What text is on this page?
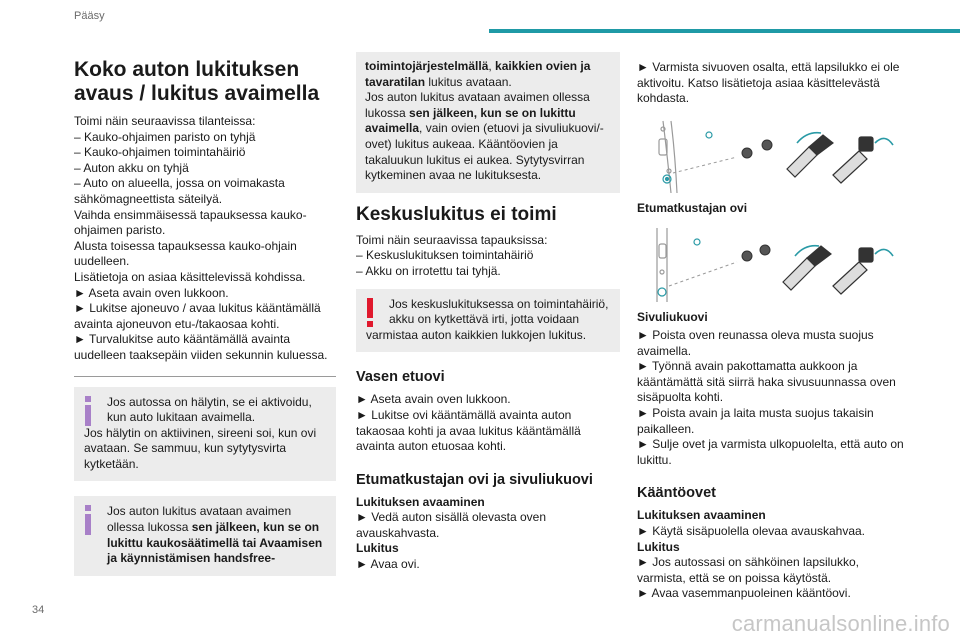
Pääsy
Koko auton lukituksen avaus / lukitus avaimella

Toimi näin seuraavissa tilanteissa:

– Kauko-ohjaimen paristo on tyhjä

– Kauko-ohjaimen toimintahäiriö

– Auton akku on tyhjä

– Auto on alueella, jossa on voimakasta sähkömagneettista säteilyä.

Vaihda ensimmäisessä tapauksessa kauko-ohjaimen paristo.

Alusta toisessa tapauksessa kauko-ohjain uudelleen.

Lisätietoja on asiaa käsittelevissä kohdissa.

► Aseta avain oven lukkoon.

► Lukitse ajoneuvo / avaa lukitus kääntämällä avainta ajoneuvon etu-/takaosaa kohti.

► Turvalukitse auto kääntämällä avainta uudelleen taaksepäin viiden sekunnin kuluessa.

Jos autossa on hälytin, se ei aktivoidu, kun auto lukitaan avaimella.

Jos hälytin on aktiivinen, sireeni soi, kun ovi avataan. Se sammuu, kun sytytysvirta kytketään.

Jos auton lukitus avataan avaimen ollessa lukossa sen jälkeen, kun se on lukittu kaukosäätimellä tai Avaamisen ja käynnistämisen handsfree-

toimintojärjestelmällä, kaikkien ovien ja tavaratilan lukitus avataan.

Jos auton lukitus avataan avaimen ollessa lukossa sen jälkeen, kun se on lukittu avaimella, vain ovien (etuovi ja sivuliukuovi/-ovet) lukitus aukeaa. Kääntöovien ja takaluukun lukitus ei aukea. Sytytysvirran kytkeminen avaa ne lukituksesta.

Keskuslukitus ei toimi

Toimi näin seuraavissa tapauksissa:

– Keskuslukituksen toimintahäiriö

– Akku on irrotettu tai tyhjä.

Jos keskuslukituksessa on toimintahäiriö, akku on kytkettävä irti, jotta voidaan

varmistaa auton kaikkien lukkojen lukitus.

Vasen etuovi

► Aseta avain oven lukkoon.

► Lukitse ovi kääntämällä avainta auton takaosaa kohti ja avaa lukitus kääntämällä avainta auton etuosaa kohti.

Etumatkustajan ovi ja sivuliukuovi

Lukituksen avaaminen

► Vedä auton sisällä olevasta oven avauskahvasta.

Lukitus

► Avaa ovi.

► Varmista sivuoven osalta, että lapsilukko ei ole aktivoitu. Katso lisätietoja asiaa käsittelevästä kohdasta.

Etumatkustajan ovi

Sivuliukuovi

► Poista oven reunassa oleva musta suojus avaimella.

► Työnnä avain pakottamatta aukkoon ja kääntämättä sitä siirrä haka sivusuunnassa oven sisäpuolta kohti.

► Poista avain ja laita musta suojus takaisin paikalleen.

► Sulje ovet ja varmista ulkopuolelta, että auto on lukittu.

Kääntöovet

Lukituksen avaaminen

► Käytä sisäpuolella olevaa avauskahvaa.

Lukitus

► Jos autossasi on sähköinen lapsilukko, varmista, että se on poissa käytöstä.

► Avaa vasemmanpuoleinen kääntöovi.

34
carmanualsonline.info
